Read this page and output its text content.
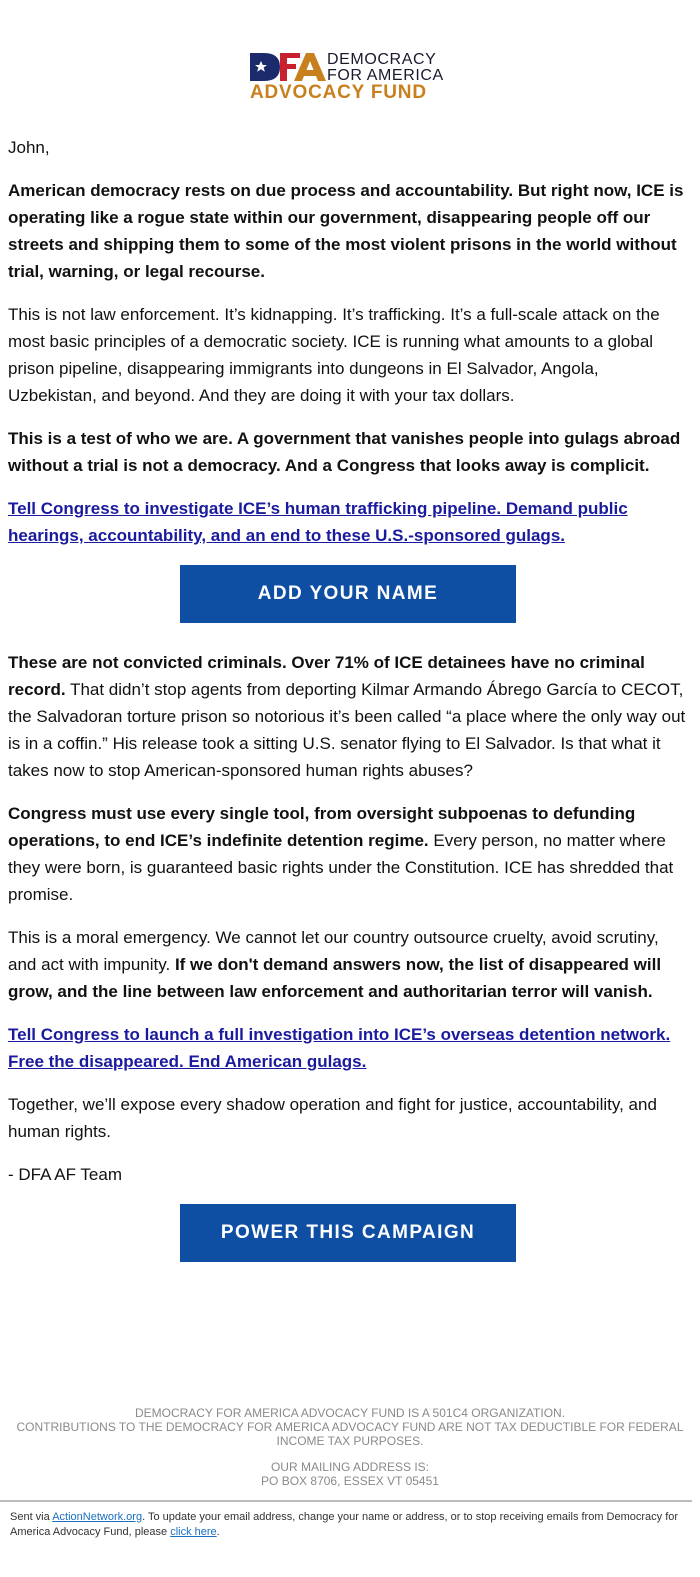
DEMOCRACY
FOR AMERICA
ADVOCACY FUND

John,

American democracy rests on due process and accountability. But right now, ICE is operating like a rogue state within our government, disappearing people off our streets and shipping them to some of the most violent prisons in the world without trial, warning, or legal recourse.

This is not law enforcement. It’s kidnapping. It’s trafficking. It’s a full-scale attack on the most basic principles of a democratic society. ICE is running what amounts to a global prison pipeline, disappearing immigrants into dungeons in El Salvador, Angola, Uzbekistan, and beyond. And they are doing it with your tax dollars.

This is a test of who we are. A government that vanishes people into gulags abroad without a trial is not a democracy. And a Congress that looks away is complicit.

Tell Congress to investigate ICE’s human trafficking pipeline. Demand public hearings, accountability, and an end to these U.S.-sponsored gulags.

ADD YOUR NAME

These are not convicted criminals. Over 71% of ICE detainees have no criminal record. That didn’t stop agents from deporting Kilmar Armando Ábrego García to CECOT, the Salvadoran torture prison so notorious it’s been called “a place where the only way out is in a coffin.” His release took a sitting U.S. senator flying to El Salvador. Is that what it takes now to stop American-sponsored human rights abuses?

Congress must use every single tool, from oversight subpoenas to defunding operations, to end ICE’s indefinite detention regime. Every person, no matter where they were born, is guaranteed basic rights under the Constitution. ICE has shredded that promise.

This is a moral emergency. We cannot let our country outsource cruelty, avoid scrutiny, and act with impunity. If we don't demand answers now, the list of disappeared will grow, and the line between law enforcement and authoritarian terror will vanish.

Tell Congress to launch a full investigation into ICE’s overseas detention network. Free the disappeared. End American gulags.

Together, we’ll expose every shadow operation and fight for justice, accountability, and human rights.

- DFA AF Team

POWER THIS CAMPAIGN
DEMOCRACY FOR AMERICA ADVOCACY FUND IS A 501C4 ORGANIZATION.
CONTRIBUTIONS TO THE DEMOCRACY FOR AMERICA ADVOCACY FUND ARE NOT TAX DEDUCTIBLE FOR FEDERAL INCOME TAX PURPOSES.
OUR MAILING ADDRESS IS:
PO BOX 8706, ESSEX VT 05451
Sent via ActionNetwork.org. To update your email address, change your name or address, or to stop receiving emails from Democracy for America Advocacy Fund, please click here.
